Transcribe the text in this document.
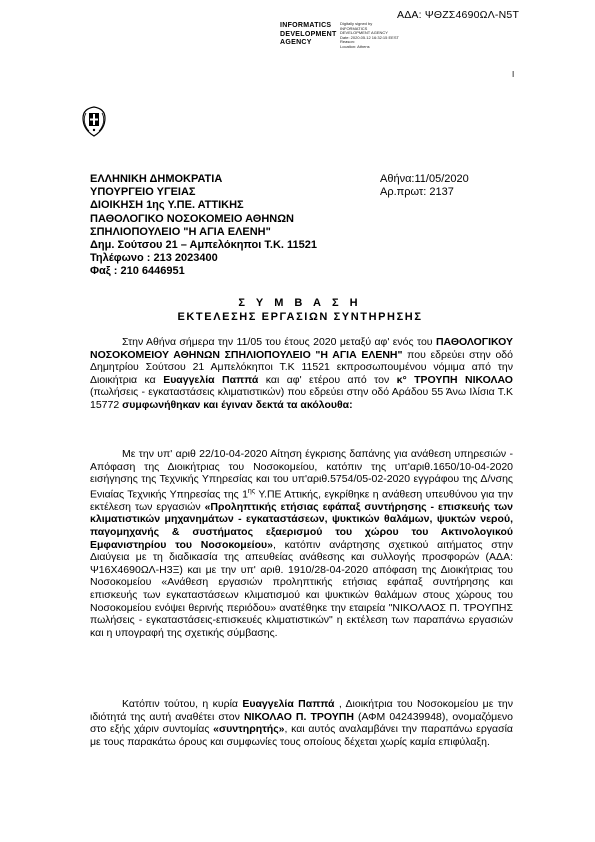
ΑΔΑ: ΨΘΖΣ4690ΩΛ-Ν5Τ
INFORMATICS
DEVELOPMENT
AGENCY
Digitally signed by
INFORMATICS
DEVELOPMENT AGENCY
Date: 2020.05.12 16:32:15 EEST
Reason:
Location: Athens
I
ΕΛΛΗΝΙΚΗ ΔΗΜΟΚΡΑΤΙΑ
ΥΠΟΥΡΓΕΙΟ ΥΓΕΙΑΣ
ΔΙΟΙΚΗΣΗ 1ης Υ.ΠΕ. ΑΤΤΙΚΗΣ
ΠΑΘΟΛΟΓΙΚΟ ΝΟΣΟΚΟΜΕΙΟ ΑΘΗΝΩΝ
ΣΠΗΛΙΟΠΟΥΛΕΙΟ "Η ΑΓΙΑ ΕΛΕΝΗ"
Δημ. Σούτσου 21 – Αμπελόκηποι Τ.Κ. 11521
Τηλέφωνο : 213 2023400
Φαξ : 210 6446951
Αθήνα:11/05/2020
Αρ.πρωτ: 2137
Σ Υ Μ Β Α Σ Η
ΕΚΤΕΛΕΣΗΣ ΕΡΓΑΣΙΩΝ ΣΥΝΤΗΡΗΣΗΣ
Στην Αθήνα σήμερα την 11/05 του έτους 2020 μεταξύ αφ' ενός του ΠΑΘΟΛΟΓΙΚΟΥ ΝΟΣΟΚΟΜΕΙΟΥ ΑΘΗΝΩΝ ΣΠΗΛΙΟΠΟΥΛΕΙΟ "Η ΑΓΙΑ ΕΛΕΝΗ" που εδρεύει στην οδό Δημητρίου Σούτσου 21 Αμπελόκηποι Τ.Κ 11521 εκπροσωπουμένου νόμιμα από την Διοικήτρια κα Ευαγγελία Παππά και αφ' ετέρου από τον κ° ΤΡΟΥΠΗ ΝΙΚΟΛΑΟ (πωλήσεις - εγκαταστάσεις κλιματιστικών) που εδρεύει στην οδό Αράδου 55 Άνω Ιλίσια Τ.Κ 15772 συμφωνήθηκαν και έγιναν δεκτά τα ακόλουθα:
Με την υπ' αριθ 22/10-04-2020 Αίτηση έγκρισης δαπάνης για ανάθεση υπηρεσιών - Απόφαση της Διοικήτριας του Νοσοκομείου, κατόπιν της υπ'αριθ.1650/10-04-2020 εισήγησης της Τεχνικής Υπηρεσίας και του υπ'αριθ.5754/05-02-2020 εγγράφου της Δ/νσης Ενιαίας Τεχνικής Υπηρεσίας της $1^{\eta\varsigma}$ Υ.ΠΕ Αττικής, εγκρίθηκε η ανάθεση υπευθύνου για την εκτέλεση των εργασιών «Προληπτικής ετήσιας εφάπαξ συντήρησης - επισκευής των κλιματιστικών μηχανημάτων - εγκαταστάσεων, ψυκτικών θαλάμων, ψυκτών νερού, παγομηχανής & συστήματος εξαερισμού του χώρου του Ακτινολογικού Εμφανιστηρίου του Νοσοκομείου», κατόπιν ανάρτησης σχετικού αιτήματος στην Διαύγεια με τη διαδικασία της απευθείας ανάθεσης και συλλογής προσφορών (ΑΔΑ: Ψ16Χ4690ΩΛ-Η3Ξ) και με την υπ' αριθ. 1910/28-04-2020 απόφαση της Διοικήτριας του Νοσοκομείου «Ανάθεση εργασιών προληπτικής ετήσιας εφάπαξ συντήρησης και επισκευής των εγκαταστάσεων κλιματισμού και ψυκτικών θαλάμων στους χώρους του Νοσοκομείου ενόψει θερινής περιόδου» ανατέθηκε την εταιρεία "ΝΙΚΟΛΑΟΣ Π. ΤΡΟΥΠΗΣ πωλήσεις - εγκαταστάσεις-επισκευές κλιματιστικών" η εκτέλεση των παραπάνω εργασιών και η υπογραφή της σχετικής σύμβασης.
Κατόπιν τούτου, η κυρία Ευαγγελία Παππά , Διοικήτρια του Νοσοκομείου με την ιδιότητά της αυτή αναθέτει στον ΝΙΚΟΛΑΟ Π. ΤΡΟΥΠΗ (ΑΦΜ 042439948), ονομαζόμενο στο εξής χάριν συντομίας «συντηρητής», και αυτός αναλαμβάνει την παραπάνω εργασία με τους παρακάτω όρους και συμφωνίες τους οποίους δέχεται χωρίς καμία επιφύλαξη.
